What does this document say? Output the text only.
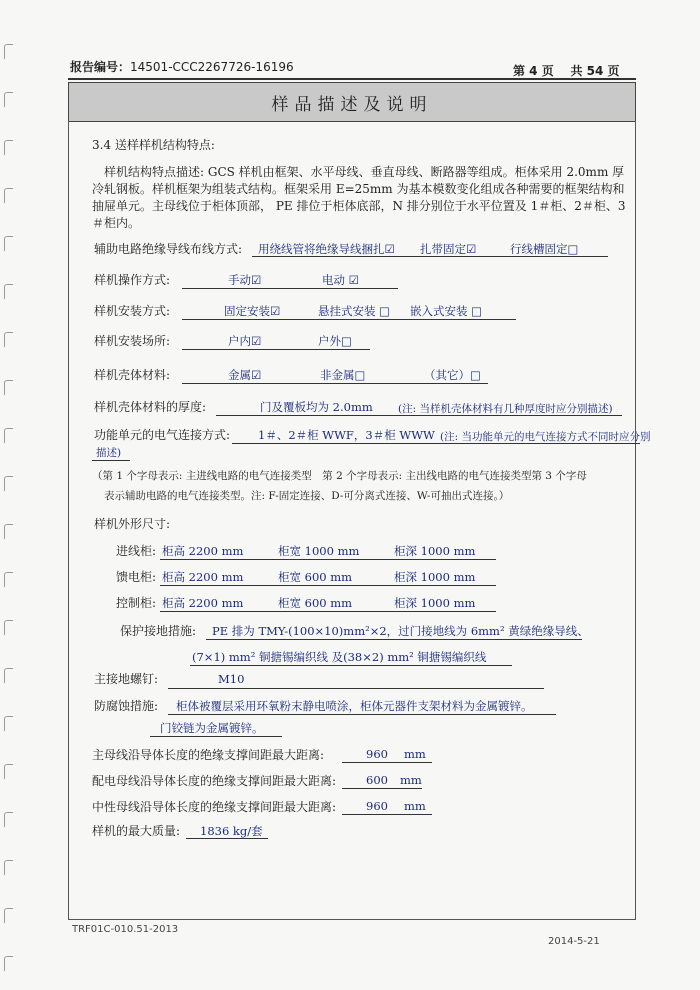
报告编号：14501-CCC2267726-16196	第 4 页 共 54 页
样品描述及说明
3.4 送样样机结构特点:
样机结构特点描述: GCS 样机由框架、水平母线、垂直母线、断路器等组成。柜体采用 2.0mm 厚冷轧钢板。样机框架为组装式结构。框架采用 E=25mm 为基本模数变化组成各种需要的框架结构和抽屉单元。主母线位于柜体顶部， PE 排位于柜体底部，N 排分别位于水平位置及 1＃柜、2＃柜、3＃柜内。
辅助电路绝缘导线布线方式: 用绕线管将绝缘导线捆扎☑ 扎带固定☑	行线槽固定□
样机操作方式:	手动☑	电动 ☑
样机安装方式:	固定安装☑	悬挂式安装 □ 嵌入式安装 □
样机安装场所:	户内☑	户外□
样机壳体材料:	金属☑	非金属□	（其它）□
样机壳体材料的厚度:	门及覆板均为 2.0mm (注: 当样机壳体材料有几种厚度时应分别描述)
功能单元的电气连接方式: 1＃、2＃柜 WWF，3＃柜 WWW (注: 当功能单元的电气连接方式不同时应分别
描述)
（第 1 个字母表示: 主进线电路的电气连接类型　第 2 个字母表示: 主出线电路的电气连接类型第 3 个字母
表示辅助电路的电气连接类型。注: F-固定连接、D-可分离式连接、W-可抽出式连接。）
样机外形尺寸:
进线柜: 柜高 2200 mm	柜宽 1000 mm	柜深 1000 mm
馈电柜: 柜高 2200 mm	柜宽 600 mm	柜深 1000 mm
控制柜: 柜高 2200 mm	柜宽 600 mm	柜深 1000 mm
保护接地措施: PE 排为 TMY-(100×10)mm²×2，过门接地线为 6mm² 黄绿绝缘导线、
(7×1) mm² 铜搪锡编织线 及(38×2) mm² 铜搪锡编织线
主接地螺钉:	M10
防腐蚀措施: 柜体被覆层采用环氧粉末静电喷涂，柜体元器件支架材料为金属镀锌。
门铰链为金属镀锌。
主母线沿导体长度的绝缘支撑间距最大距离:	960 mm
配电母线沿导体长度的绝缘支撑间距最大距离:	600 mm
中性母线沿导体长度的绝缘支撑间距最大距离:	960 mm
样机的最大质量: 1836 kg/套
TRF01C-010.51-2013
2014-5-21
